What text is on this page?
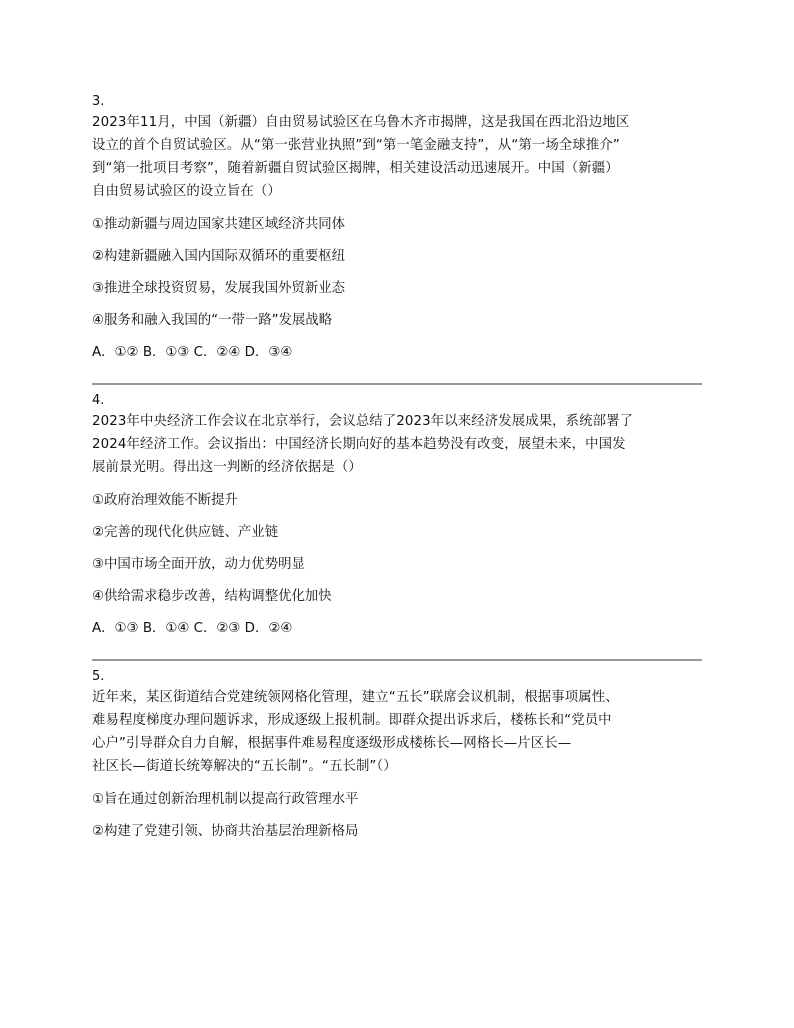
3.
2023年11月，中国（新疆）自由贸易试验区在乌鲁木齐市揭牌，这是我国在西北沿边地区
设立的首个自贸试验区。从“第一张营业执照”到“第一笔金融支持”，从“第一场全球推介”
到“第一批项目考察”，随着新疆自贸试验区揭牌，相关建设活动迅速展开。中国（新疆）
自由贸易试验区的设立旨在（）
①推动新疆与周边国家共建区域经济共同体
②构建新疆融入国内国际双循环的重要枢纽
③推进全球投资贸易，发展我国外贸新业态
④服务和融入我国的“一带一路”发展战略
A．①② B．①③ C．②④ D．③④
4.
2023年中央经济工作会议在北京举行，会议总结了2023年以来经济发展成果，系统部署了
2024年经济工作。会议指出：中国经济长期向好的基本趋势没有改变，展望未来，中国发
展前景光明。得出这一判断的经济依据是（）
①政府治理效能不断提升
②完善的现代化供应链、产业链
③中国市场全面开放，动力优势明显
④供给需求稳步改善，结构调整优化加快
A．①③ B．①④ C．②③ D．②④
5.
近年来，某区街道结合党建统领网格化管理，建立“五长”联席会议机制，根据事项属性、
难易程度梯度办理问题诉求，形成逐级上报机制。即群众提出诉求后，楼栋长和“党员中
心户”引导群众自力自解，根据事件难易程度逐级形成楼栋长—网格长—片区长—
社区长—街道长统筹解决的“五长制”。“五长制”（）
①旨在通过创新治理机制以提高行政管理水平
②构建了党建引领、协商共治基层治理新格局
